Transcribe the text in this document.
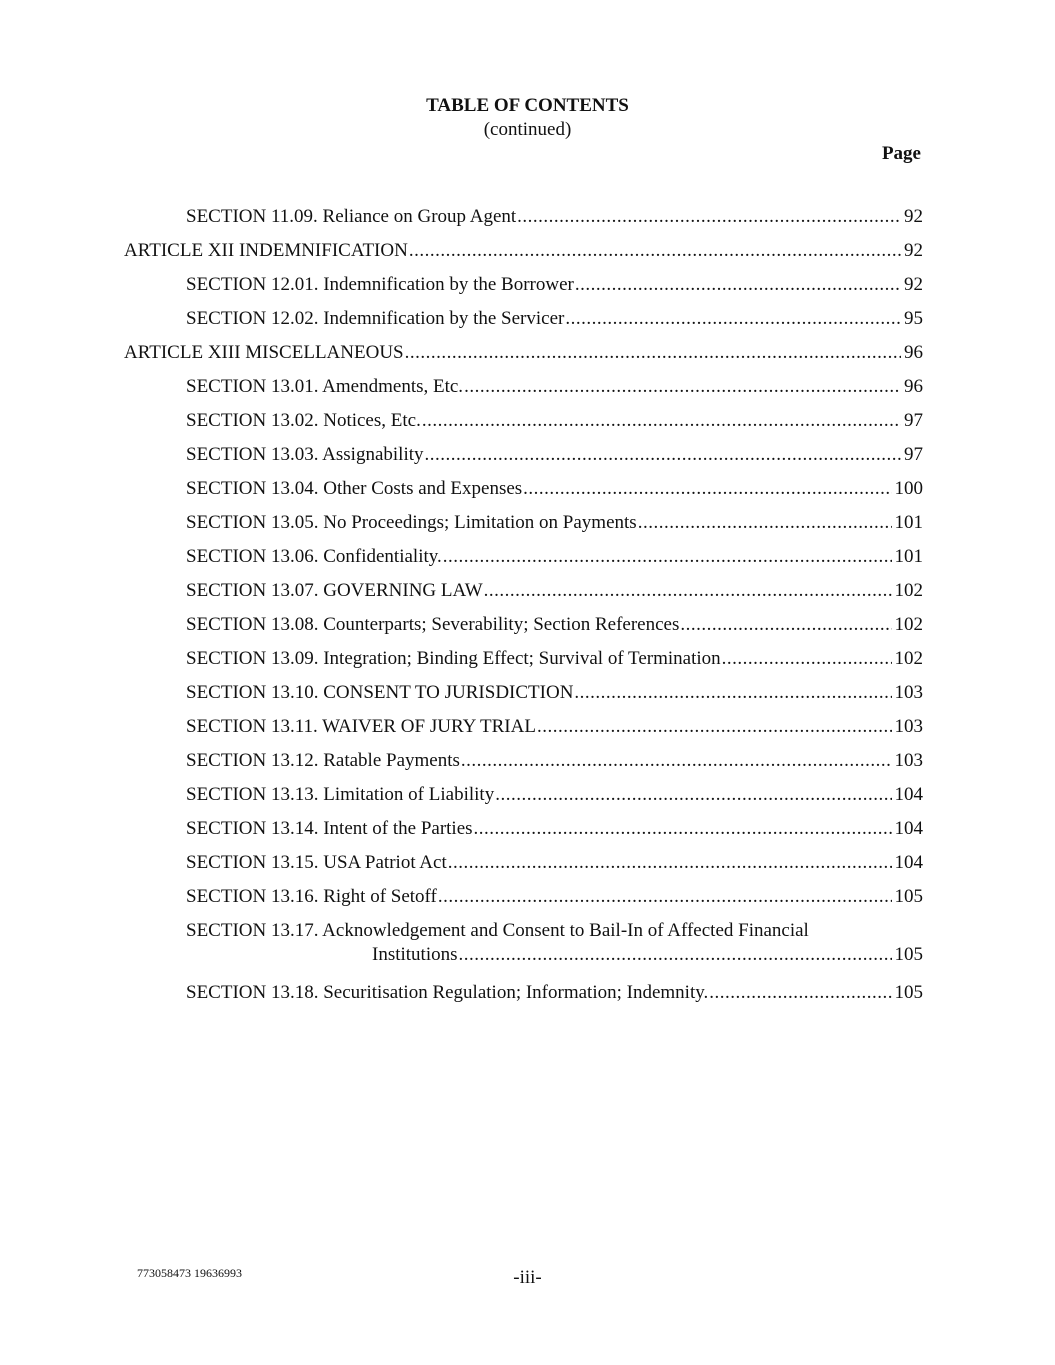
TABLE OF CONTENTS
(continued)
Page
SECTION 11.09. Reliance on Group Agent .....	92
ARTICLE XII INDEMNIFICATION .....	92
SECTION 12.01. Indemnification by the Borrower .....	92
SECTION 12.02. Indemnification by the Servicer .....	95
ARTICLE XIII MISCELLANEOUS .....	96
SECTION 13.01. Amendments, Etc. .....	96
SECTION 13.02. Notices, Etc. .....	97
SECTION 13.03. Assignability .....	97
SECTION 13.04. Other Costs and Expenses .....	100
SECTION 13.05. No Proceedings; Limitation on Payments .....	101
SECTION 13.06. Confidentiality. .....	101
SECTION 13.07. GOVERNING LAW .....	102
SECTION 13.08. Counterparts; Severability; Section References .....	102
SECTION 13.09. Integration; Binding Effect; Survival of Termination .....	102
SECTION 13.10. CONSENT TO JURISDICTION .....	103
SECTION 13.11. WAIVER OF JURY TRIAL .....	103
SECTION 13.12. Ratable Payments .....	103
SECTION 13.13. Limitation of Liability .....	104
SECTION 13.14. Intent of the Parties .....	104
SECTION 13.15. USA Patriot Act .....	104
SECTION 13.16. Right of Setoff .....	105
SECTION 13.17. Acknowledgement and Consent to Bail-In of Affected Financial
Institutions .....	105
SECTION 13.18. Securitisation Regulation; Information; Indemnity. .....	105
773058473 19636993	-iii-
